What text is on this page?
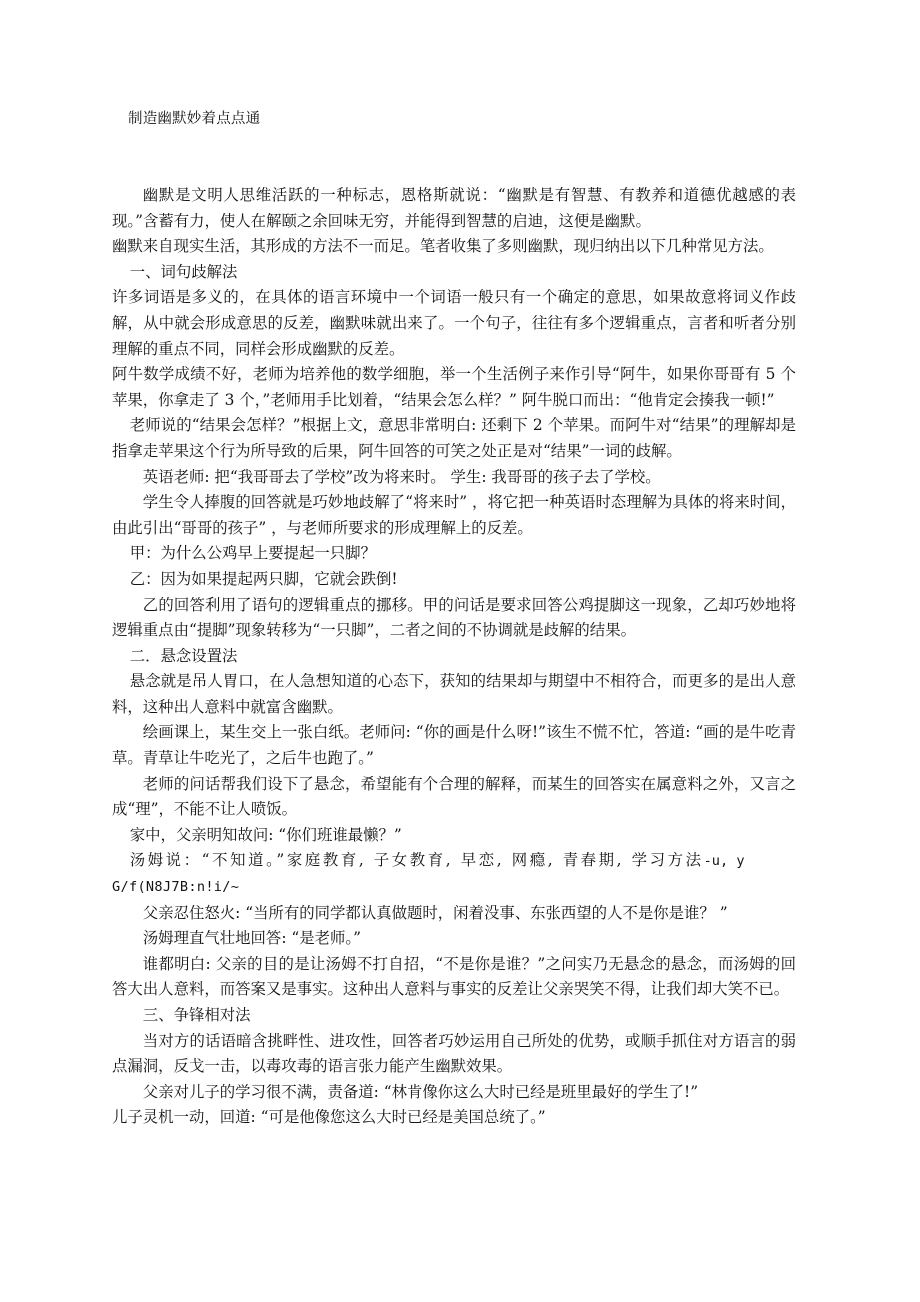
制造幽默妙着点点通

幽默是文明人思维活跃的一种标志，恩格斯就说：“幽默是有智慧、有教养和道德优越感的表现。”含蓄有力，使人在解颐之余回味无穷，并能得到智慧的启迪，这便是幽默。

幽默来自现实生活，其形成的方法不一而足。笔者收集了多则幽默，现归纳出以下几种常见方法。

一、词句歧解法

许多词语是多义的，在具体的语言环境中一个词语一般只有一个确定的意思，如果故意将词义作歧解，从中就会形成意思的反差，幽默味就出来了。一个句子，往往有多个逻辑重点，言者和听者分别理解的重点不同，同样会形成幽默的反差。

阿牛数学成绩不好，老师为培养他的数学细胞，举一个生活例子来作引导“阿牛，如果你哥哥有 5 个苹果，你拿走了 3 个，”老师用手比划着，“结果会怎么样？” 阿牛脱口而出：“他肯定会揍我一顿!”

老师说的“结果会怎样？”根据上文，意思非常明白: 还剩下 2 个苹果。而阿牛对“结果”的理解却是指拿走苹果这个行为所导致的后果，阿牛回答的可笑之处正是对“结果”一词的歧解。

英语老师: 把“我哥哥去了学校”改为将来时。 学生: 我哥哥的孩子去了学校。

学生令人捧腹的回答就是巧妙地歧解了“将来时” ，将它把一种英语时态理解为具体的将来时间，由此引出“哥哥的孩子” ，与老师所要求的形成理解上的反差。

甲：为什么公鸡早上要提起一只脚？

乙：因为如果提起两只脚，它就会跌倒!

乙的回答利用了语句的逻辑重点的挪移。甲的问话是要求回答公鸡提脚这一现象，乙却巧妙地将逻辑重点由“提脚”现象转移为“一只脚”，二者之间的不协调就是歧解的结果。

二．悬念设置法

悬念就是吊人胃口，在人急想知道的心态下，获知的结果却与期望中不相符合，而更多的是出人意料，这种出人意料中就富含幽默。

绘画课上，某生交上一张白纸。老师问: “你的画是什么呀!”该生不慌不忙，答道: “画的是牛吃青草。青草让牛吃光了，之后牛也跑了。”

老师的问话帮我们设下了悬念，希望能有个合理的解释，而某生的回答实在属意料之外，又言之成“理”，不能不让人喷饭。

家中，父亲明知故问: “你们班谁最懒？”

汤姆说：“不知道。”家庭教育, 子女教育, 早恋, 网瘾, 青春期, 学习方法-u, y

G/f(N8J7B:n!i/~

父亲忍住怒火: “当所有的同学都认真做题时，闲着没事、东张西望的人不是你是谁？ ”

汤姆理直气壮地回答: “是老师。”

谁都明白: 父亲的目的是让汤姆不打自招，“不是你是谁？”之问实乃无悬念的悬念，而汤姆的回答大出人意料，而答案又是事实。这种出人意料与事实的反差让父亲哭笑不得，让我们却大笑不已。

三、争锋相对法

当对方的话语暗含挑畔性、进攻性，回答者巧妙运用自己所处的优势，或顺手抓住对方语言的弱点漏洞，反戈一击，以毒攻毒的语言张力能产生幽默效果。

父亲对儿子的学习很不满，责备道: “林肯像你这么大时已经是班里最好的学生了!”

儿子灵机一动，回道: “可是他像您这么大时已经是美国总统了。”
